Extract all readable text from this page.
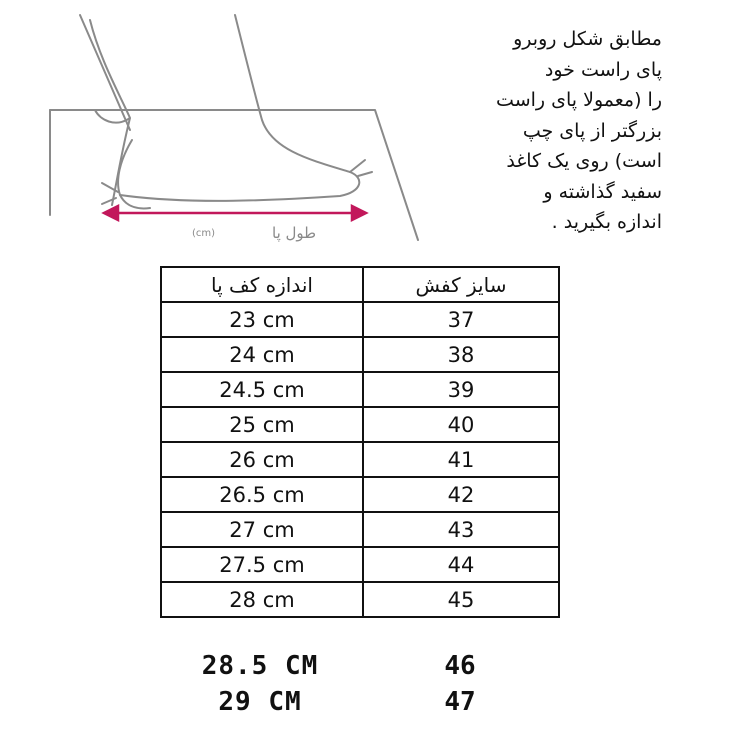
طول پا
(cm)
مطابق شکل روبرو
پای راست خود
را (معمولا پای راست
بزرگتر از پای چپ
است) روی یک کاغذ
سفید گذاشته و
اندازه بگیرید .
اندازه کف پا	سایز کفش
23 cm	37
24 cm	38
24.5 cm	39
25 cm	40
26 cm	41
26.5 cm	42
27 cm	43
27.5 cm	44
28 cm	45
28.5 CM	46
29 CM	47
